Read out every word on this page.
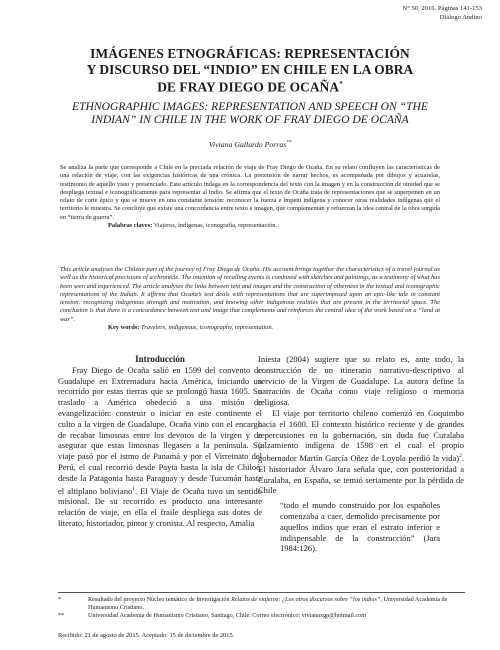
N° 50, 2016. Páginas 141-153
Diálogo Andino

IMÁGENES ETNOGRÁFICAS: REPRESENTACIÓN
Y DISCURSO DEL “INDIO” EN CHILE EN LA OBRA
DE FRAY DIEGO DE OCAÑA*

ETHNOGRAPHIC IMAGES: REPRESENTATION AND SPEECH ON “THE
INDIAN” IN CHILE IN THE WORK OF FRAY DIEGO DE OCAÑA

Viviana Gallardo Porras**
Se analiza la parte que corresponde a Chile en la preciada relación de viaje de Fray Diego de Ocaña. En su relato confluyen las características de una relación de viaje, con las exigencias históricas de una crónica. La pretensión de narrar hechos, es acompañada por dibujos y acuarelas, testimonio de aquello visto y presenciado. Este artículo indaga en la correspondencia del texto con la imagen y en la construcción de otredad que se despliega textual e iconográficamente para representar al indio. Se afirma que el texto de Ocaña trata de representaciones que se superponen en un relato de corte épico y que se mueve en una constante tensión: reconocer la fuerza e ímpetu indígena y conocer otras realidades indígenas que el territorio le muestra. Se concluye que existe una concordancia entre texto e imagen, que complementan y refuerzan la idea central de la obra surgida en “tierra de guerra”.
Palabras claves: Viajeros, indígenas, iconografía, representación.
This article analyses the Chilean part of the journey of Fray Diego de Ocaña. His account brings together the characteristics of a travel journal as well as the historical precisions of a chronicle. The intention of recalling events is combined with sketches and paintings, as a testimony of what has been seen and experienced. The article analyses the links between text and images and the construction of otherness in the textual and iconographic representations of the Indian. It affirms that Ocaña’s text deals with representations that are superimposed upon an epic-like tale in constant tension: recognizing indigenous strength and motivation, and knowing other indigenous realities that are present in the territorial space. The conclusion is that there is a concordance between text and image that complements and reinforces the central idea of the work based on a “land at war”.
Key words: Travelers, indigenous, iconography, representation.

Introducción

Fray Diego de Ocaña salió en 1599 del convento de Guadalupe en Extremadura hacia América, iniciando un recorrido por estas tierras que se prolongó hasta 1605. Su traslado a América obedeció a una misión de evangelización: construir o iniciar en este continente el culto a la virgen de Guadalupe. Ocaña vino con el encargo de recabar limosnas entre los devotos de la virgen y de asegurar que estas limosnas llegasen a la península. Su viaje pasó por el istmo de Panamá y por el Virreinato del Perú, el cual recorrió desde Payta hasta la isla de Chiloé, desde la Patagonia hasta Paraguay y desde Tucumán hasta el altiplano boliviano$^1$. El Viaje de Ocaña tuvo un sentido misional. De su recorrido es producto una interesante relación de viaje, en ella el fraile despliega sus dotes de literato, historiador, pintor y cronista. Al respecto, Amalia

Iniesta (2004) sugiere que su relato es, ante todo, la construcción de un itinerario narrativo-descriptivo al servicio de la Virgen de Guadalupe. La autora define la narración de Ocaña como viaje religioso o memoria religiosa.

El viaje por territorio chileno comenzó en Coquimbo hacia el 1600. El contexto histórico reciente y de grandes repercusiones en la gobernación, sin duda fue Curalaba (alzamiento indígena de 1598 en el cual el propio gobernador Martín García Oñez de Loyola perdió la vida)$^2$. El historiador Álvaro Jara señala que, con posterioridad a Curalaba, en España, se temió seriamente por la pérdida de Chile

“todo el mundo construido por los españoles comenzaba a caer, demolido precisamente por aquellos indios que eran el estrato inferior e indispensable de la construcción” (Jara 1984:126).

*	Resultado del proyecto Núcleo temático de Investigación Relatos de viajeros: ¿Los otros discursos sobre “los indios”, Universidad Academia de Humanismo Cristiano.

**	Universidad Academia de Humanismo Cristiano, Santiago, Chile. Correo electrónico: vivianaxgp@hotmail.com

Recibido: 21 de agosto de 2015. Aceptado: 15 de diciembre de 2015.
